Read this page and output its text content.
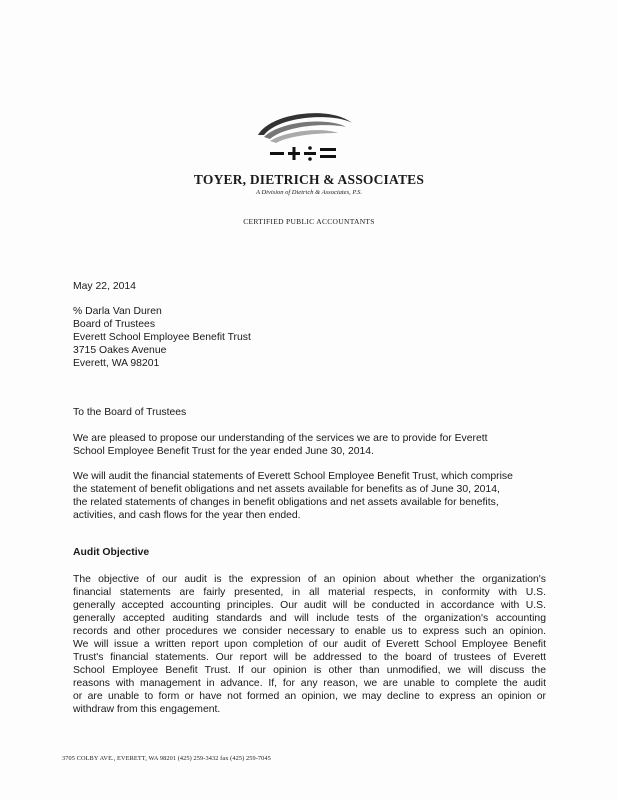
TOYER, DIETRICH & ASSOCIATES
A Division of Dietrich & Associates, P.S.
CERTIFIED PUBLIC ACCOUNTANTS
May 22, 2014
% Darla Van Duren
Board of Trustees
Everett School Employee Benefit Trust
3715 Oakes Avenue
Everett, WA 98201
To the Board of Trustees
We are pleased to propose our understanding of the services we are to provide for Everett
School Employee Benefit Trust for the year ended June 30, 2014.
We will audit the financial statements of Everett School Employee Benefit Trust, which comprise
the statement of benefit obligations and net assets available for benefits as of June 30, 2014,
the related statements of changes in benefit obligations and net assets available for benefits,
activities, and cash flows for the year then ended.
Audit Objective
The objective of our audit is the expression of an opinion about whether the organization's
financial statements are fairly presented, in all material respects, in conformity with U.S.
generally accepted accounting principles. Our audit will be conducted in accordance with U.S.
generally accepted auditing standards and will include tests of the organization's accounting
records and other procedures we consider necessary to enable us to express such an opinion.
We will issue a written report upon completion of our audit of Everett School Employee Benefit
Trust's financial statements. Our report will be addressed to the board of trustees of Everett
School Employee Benefit Trust. If our opinion is other than unmodified, we will discuss the
reasons with management in advance. If, for any reason, we are unable to complete the audit
or are unable to form or have not formed an opinion, we may decline to express an opinion or
withdraw from this engagement.
3705 COLBY AVE., EVERETT, WA 98201 (425) 259-3432 fax (425) 259-7045
